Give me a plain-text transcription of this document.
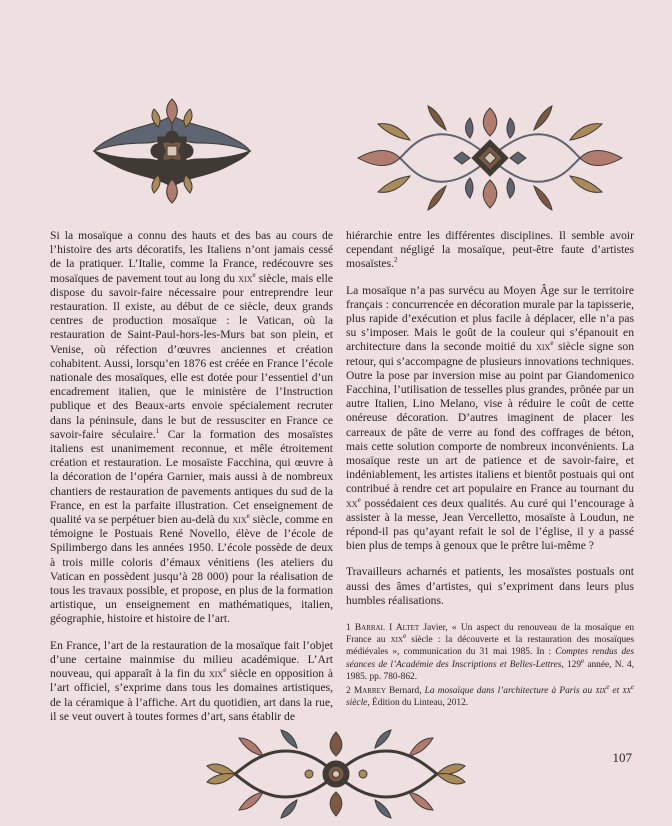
Si la mosaïque a connu des hauts et des bas au cours de l’histoire des arts décoratifs, les Italiens n’ont jamais cessé de la pratiquer. L’Italie, comme la France, redécouvre ses mosaïques de pavement tout au long du xix$^e$ siècle, mais elle dispose du savoir-faire nécessaire pour entreprendre leur restauration. Il existe, au début de ce siècle, deux grands centres de production mosaïque : le Vatican, où la restauration de Saint-Paul-hors-les-Murs bat son plein, et Venise, où réfection d’œuvres anciennes et création cohabitent. Aussi, lorsqu’en 1876 est créée en France l’école nationale des mosaïques, elle est dotée pour l’essentiel d’un encadrement italien, que le ministère de l’Instruction publique et des Beaux-arts envoie spécialement recruter dans la péninsule, dans le but de ressusciter en France ce savoir-faire séculaire.$^1$ Car la formation des mosaïstes italiens est unanimement reconnue, et mêle étroitement création et restauration. Le mosaïste Facchina, qui œuvre à la décoration de l’opéra Garnier, mais aussi à de nombreux chantiers de restauration de pavements antiques du sud de la France, en est la parfaite illustration. Cet enseignement de qualité va se perpétuer bien au-delà du xix$^e$ siècle, comme en témoigne le Postuais René Novello, élève de l’école de Spilimbergo dans les années 1950. L’école possède de deux à trois mille coloris d’émaux vénitiens (les ateliers du Vatican en possèdent jusqu’à 28 000) pour la réalisation de tous les travaux possible, et propose, en plus de la formation artistique, un enseignement en mathématiques, italien, géographie, histoire et histoire de l’art.

En France, l’art de la restauration de la mosaïque fait l’objet d’une certaine mainmise du milieu académique. L’Art nouveau, qui apparaît à la fin du xix$^e$ siècle en opposition à l’art officiel, s’exprime dans tous les domaines artistiques, de la céramique à l’affiche. Art du quotidien, art dans la rue, il se veut ouvert à toutes formes d’art, sans établir de

hiérarchie entre les différentes disciplines. Il semble avoir cependant négligé la mosaïque, peut-être faute d’artistes mosaïstes.$^2$

La mosaïque n’a pas survécu au Moyen Âge sur le territoire français : concurrencée en décoration murale par la tapisserie, plus rapide d’exécution et plus facile à déplacer, elle n’a pas su s’imposer. Mais le goût de la couleur qui s’épanouit en architecture dans la seconde moitié du xix$^e$ siècle signe son retour, qui s’accompagne de plusieurs innovations techniques. Outre la pose par inversion mise au point par Giandomenico Facchina, l’utilisation de tesselles plus grandes, prônée par un autre Italien, Lino Melano, vise à réduire le coût de cette onéreuse décoration. D’autres imaginent de placer les carreaux de pâte de verre au fond des coffrages de béton, mais cette solution comporte de nombreux inconvénients. La mosaïque reste un art de patience et de savoir-faire, et indéniablement, les artistes italiens et bientôt postuais qui ont contribué à rendre cet art populaire en France au tournant du $xx^e$ possédaient ces deux qualités. Au curé qui l’encourage à assister à la messe, Jean Vercelletto, mosaïste à Loudun, ne répond-il pas qu’ayant refait le sol de l’église, il y a passé bien plus de temps à genoux que le prêtre lui-même ?

Travailleurs acharnés et patients, les mosaïstes postuals ont aussi des âmes d’artistes, qui s’expriment dans leurs plus humbles réalisations.

1 Barral I Altet Javier, « Un aspect du renouveau de la mosaïque en France au xix$^e$ siècle : la découverte et la restauration des mosaïques médiévales », communication du 31 mai 1985. In : Comptes rendus des séances de l’Académie des Inscriptions et Belles-Lettres, 129e année, N. 4, 1985. pp. 780-862.

2 Marrey Bernard, La mosaïque dans l’architecture à Paris au xix$^e$ et $xx^e$ siècle, Édition du Linteau, 2012.

107
